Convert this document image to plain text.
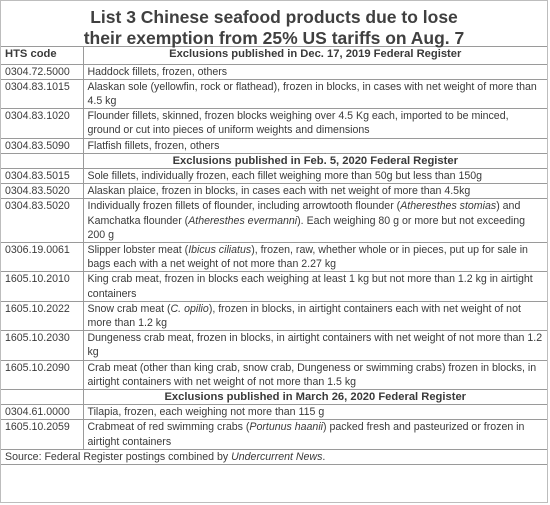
List 3 Chinese seafood products due to lose
their exemption from 25% US tariffs on Aug. 7
HTS code	Exclusions published in Dec. 17, 2019 Federal Register
0304.72.5000	Haddock fillets, frozen, others
0304.83.1015	Alaskan sole (yellowfin, rock or flathead), frozen in blocks, in cases with net weight of more than 4.5 kg
0304.83.1020	Flounder fillets, skinned, frozen blocks weighing over 4.5 Kg each, imported to be minced, ground or cut into pieces of uniform weights and dimensions
0304.83.5090	Flatfish fillets, frozen, others
	Exclusions published in Feb. 5, 2020 Federal Register
0304.83.5015	Sole fillets, individually frozen, each fillet weighing more than 50g but less than 150g
0304.83.5020	Alaskan plaice, frozen in blocks, in cases each with net weight of more than 4.5kg
0304.83.5020	Individually frozen fillets of flounder, including arrowtooth flounder (Atheresthes stomias) and Kamchatka flounder (Atheresthes evermanni). Each weighing 80 g or more but not exceeding 200 g
0306.19.0061	Slipper lobster meat (Ibicus ciliatus), frozen, raw, whether whole or in pieces, put up for sale in bags each with a net weight of not more than 2.27 kg
1605.10.2010	King crab meat, frozen in blocks each weighing at least 1 kg but not more than 1.2 kg in airtight containers
1605.10.2022	Snow crab meat (C. opilio), frozen in blocks, in airtight containers each with net weight of not more than 1.2 kg
1605.10.2030	Dungeness crab meat, frozen in blocks, in airtight containers with net weight of not more than 1.2 kg
1605.10.2090	Crab meat (other than king crab, snow crab, Dungeness or swimming crabs) frozen in blocks, in airtight containers with net weight of not more than 1.5 kg
	Exclusions published in March 26, 2020 Federal Register
0304.61.0000	Tilapia, frozen, each weighing not more than 115 g
1605.10.2059	Crabmeat of red swimming crabs (Portunus haanii) packed fresh and pasteurized or frozen in airtight containers
Source: Federal Register postings combined by Undercurrent News.	
